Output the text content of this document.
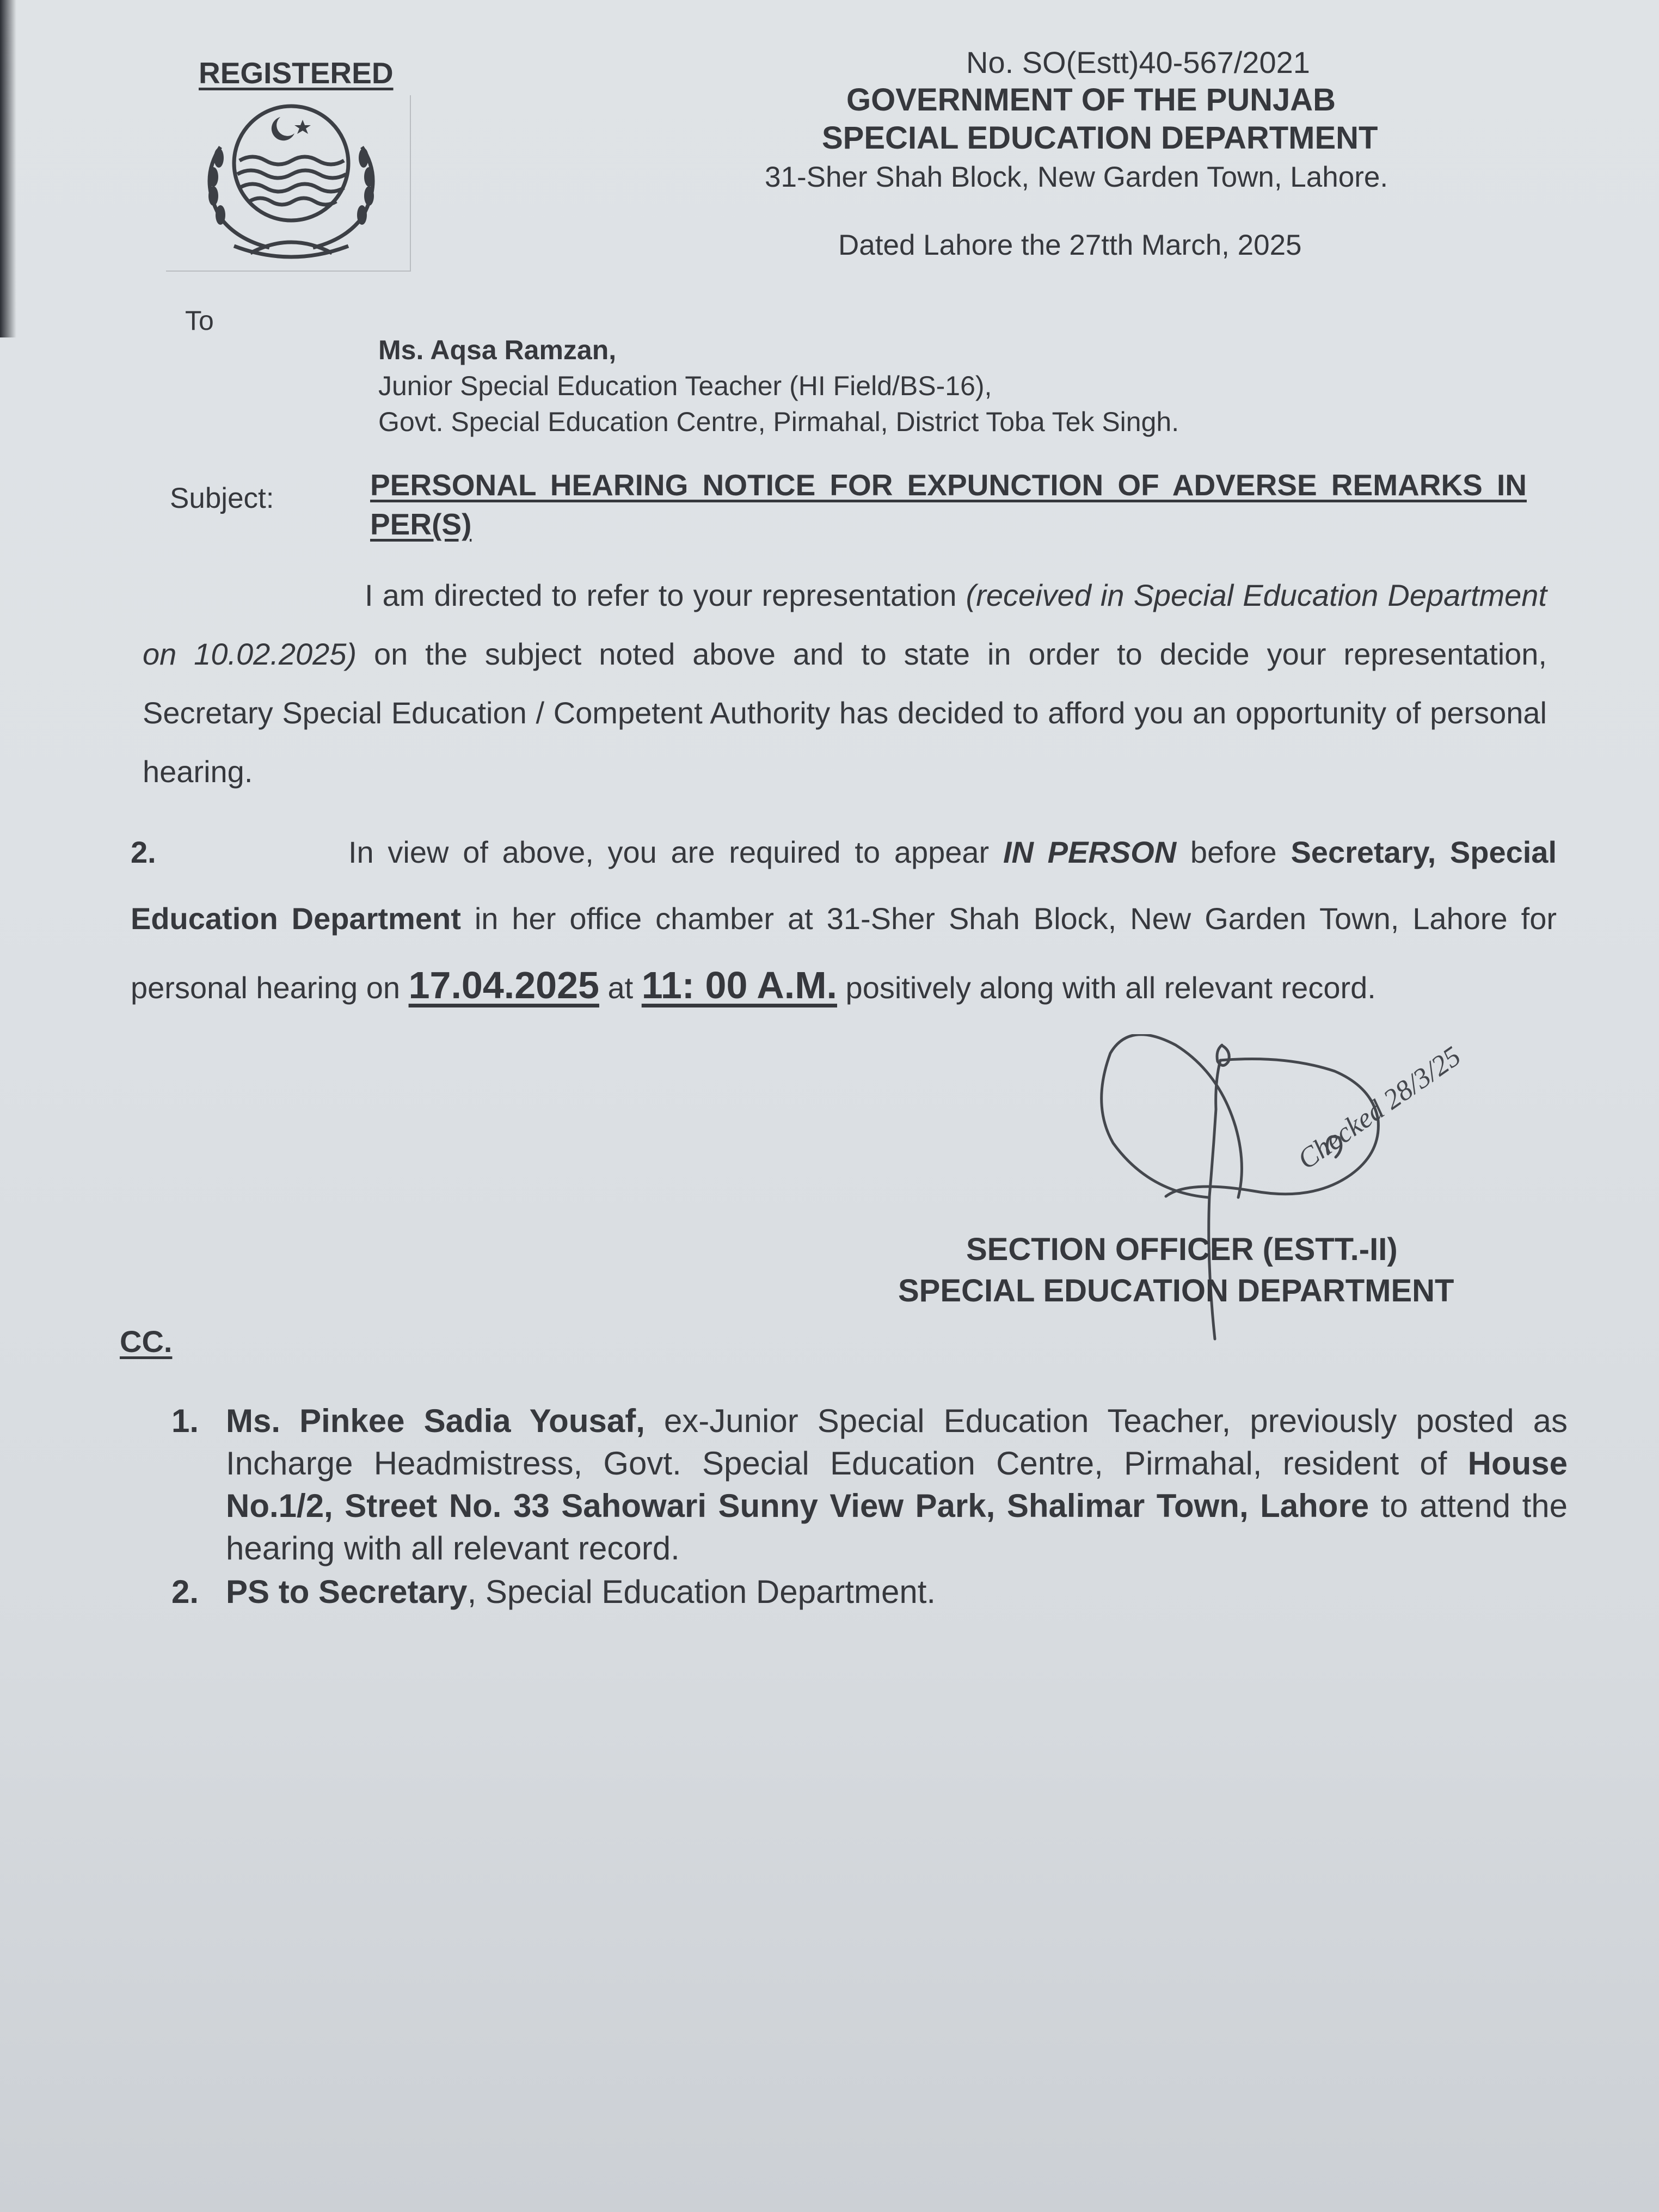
REGISTERED	No. SO(Estt)40-567/2021
GOVERNMENT OF THE PUNJAB
SPECIAL EDUCATION DEPARTMENT
31-Sher Shah Block, New Garden Town, Lahore.
Dated Lahore the 27tth March, 2025
To
Ms. Aqsa Ramzan,
Junior Special Education Teacher (HI Field/BS-16),
Govt. Special Education Centre, Pirmahal, District Toba Tek Singh.
Subject:	PERSONAL HEARING NOTICE FOR EXPUNCTION OF ADVERSE REMARKS IN PER(S)
I am directed to refer to your representation (received in Special Education Department on 10.02.2025) on the subject noted above and to state in order to decide your representation, Secretary Special Education / Competent Authority has decided to afford you an opportunity of personal hearing.
2.	In view of above, you are required to appear IN PERSON before Secretary, Special Education Department in her office chamber at 31-Sher Shah Block, New Garden Town, Lahore for personal hearing on 17.04.2025 at 11: 00 A.M. positively along with all relevant record.
Checked 28/3/25
SECTION OFFICER (ESTT.-II)
SPECIAL EDUCATION DEPARTMENT
CC.
1. Ms. Pinkee Sadia Yousaf, ex-Junior Special Education Teacher, previously posted as Incharge Headmistress, Govt. Special Education Centre, Pirmahal, resident of House No.1/2, Street No. 33 Sahowari Sunny View Park, Shalimar Town, Lahore to attend the hearing with all relevant record.
2. PS to Secretary, Special Education Department.
